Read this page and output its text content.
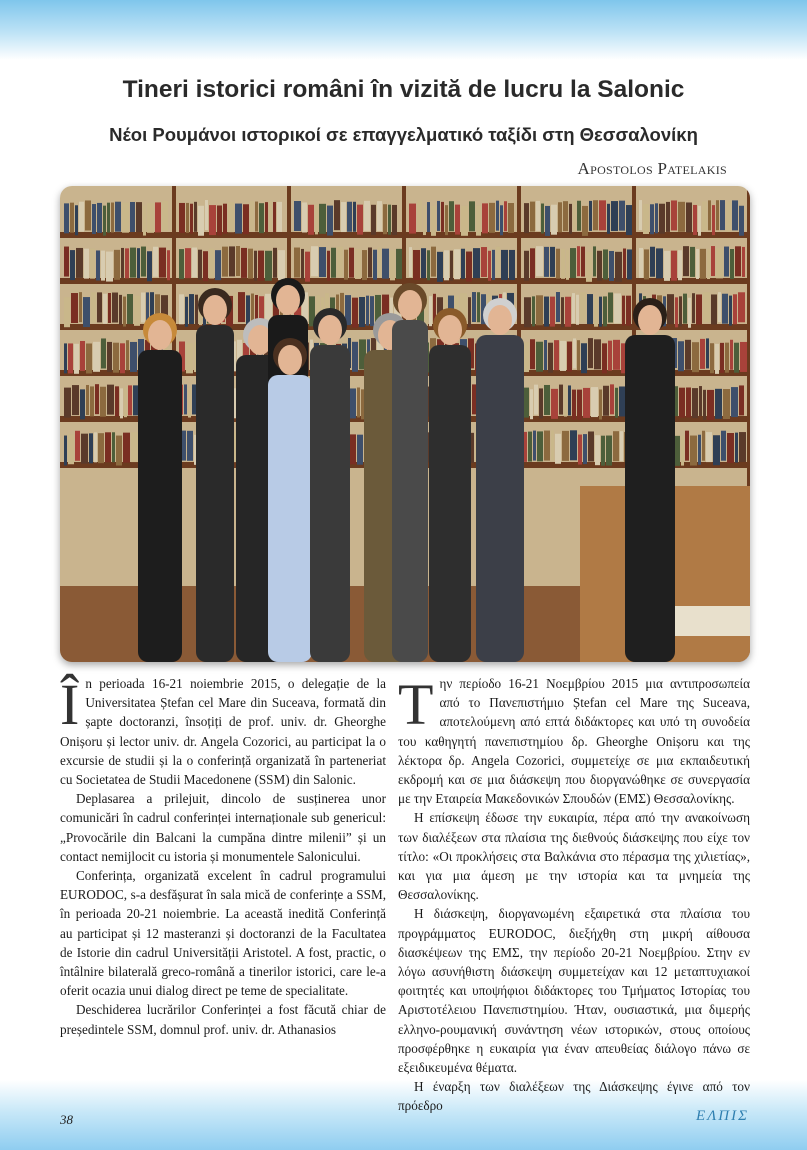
Tineri istorici români în vizită de lucru la Salonic
Νέοι Ρουμάνοι ιστορικοί σε επαγγελματικό ταξίδι στη Θεσσαλονίκη
Apostolos Patelakis
Î n perioada 16-21 noiembrie 2015, o delegație de la Universitatea Ștefan cel Mare din Suceava, formată din șapte doctoranzi, însoțiți de prof. univ. dr. Gheorghe Onișoru și lector univ. dr. Angela Cozorici, au participat la o excursie de studii și la o conferință organizată în parteneriat cu Societatea de Studii Macedonene (SSM) din Salonic.

Deplasarea a prilejuit, dincolo de susținerea unor comunicări în cadrul conferinței internaționale sub genericul: „Provocările din Balcani la cumpăna dintre milenii” și un contact nemijlocit cu istoria și monumentele Salonicului.

Conferința, organizată excelent în cadrul programului EURODOC, s-a desfășurat în sala mică de conferințe a SSM, în perioada 20-21 noiembrie. La această inedită Conferință au participat și 12 masteranzi și doctoranzi de la Facultatea de Istorie din cadrul Universității Aristotel. A fost, practic, o întâlnire bilaterală greco-română a tinerilor istorici, care le-a oferit ocazia unui dialog direct pe teme de specialitate.

Deschiderea lucrărilor Conferinței a fost făcută chiar de președintele SSM, domnul prof. univ. dr. Athanasios

Τ ην περίοδο 16-21 Νοεμβρίου 2015 μια αντιπροσωπεία από το Πανεπιστήμιο Ștefan cel Mare της Suceava, αποτελούμενη από επτά διδάκτορες και υπό τη συνοδεία του καθηγητή πανεπιστημίου δρ. Gheorghe Onișoru και της λέκτορα δρ. Angela Cozorici, συμμετείχε σε μια εκπαιδευτική εκδρομή και σε μια διάσκεψη που διοργανώθηκε σε συνεργασία με την Εταιρεία Μακεδονικών Σπουδών (ΕΜΣ) Θεσσαλονίκης.

Η επίσκεψη έδωσε την ευκαιρία, πέρα από την ανακοίνωση των διαλέξεων στα πλαίσια της διεθνούς διάσκεψης που είχε τον τίτλο: «Οι προκλήσεις στα Βαλκάνια στο πέρασμα της χιλιετίας», και για μια άμεση με την ιστορία και τα μνημεία της Θεσσαλονίκης.

Η διάσκεψη, διοργανωμένη εξαιρετικά στα πλαίσια του προγράμματος EURODOC, διεξήχθη στη μικρή αίθουσα διασκέψεων της ΕΜΣ, την περίοδο 20-21 Νοεμβρίου. Στην εν λόγω ασυνήθιστη διάσκεψη συμμετείχαν και 12 μεταπτυχιακοί φοιτητές και υποψήφιοι διδάκτορες του Τμήματος Ιστορίας του Αριστοτέλειου Πανεπιστημίου. Ήταν, ουσιαστικά, μια διμερής ελληνο-ρουμανική συνάντηση νέων ιστορικών, στους οποίους προσφέρθηκε η ευκαιρία για έναν απευθείας διάλογο πάνω σε εξειδικευμένα θέματα.

Η έναρξη των διαλέξεων της Διάσκεψης έγινε από τον πρόεδρο

38	ΕΛΠΙΣ
